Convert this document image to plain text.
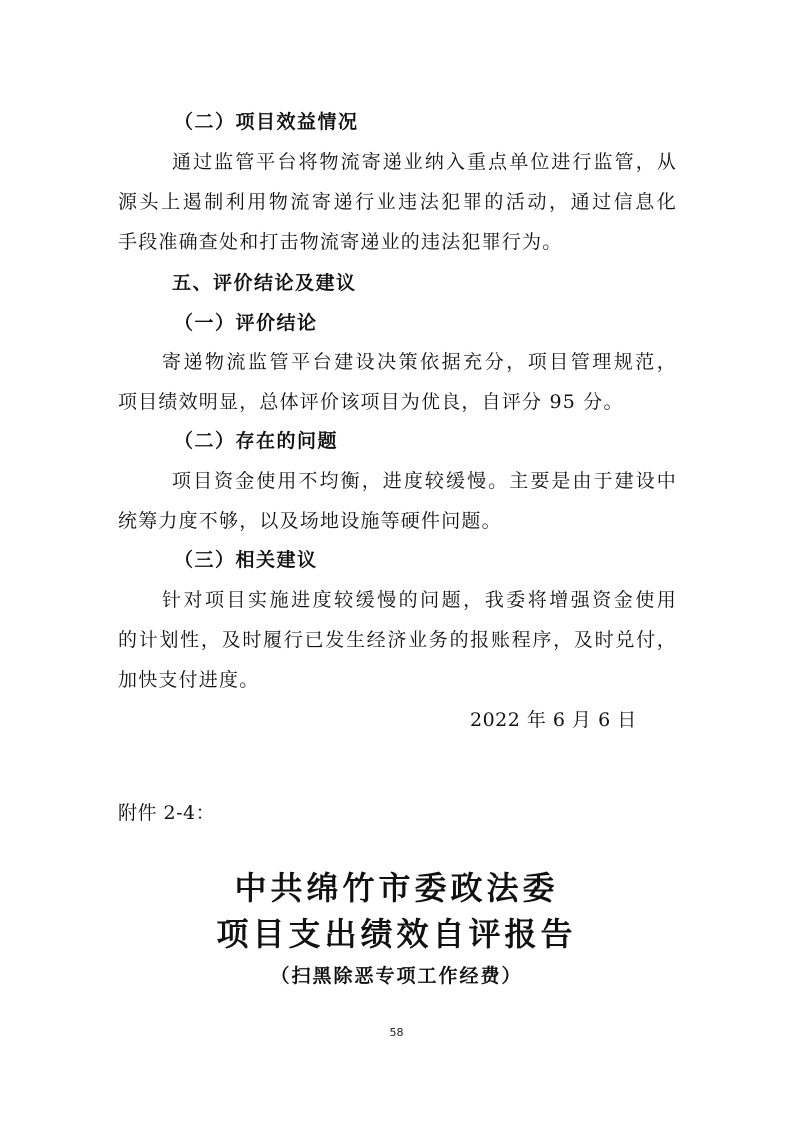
（二）项目效益情况
通过监管平台将物流寄递业纳入重点单位进行监管，从
源头上遏制利用物流寄递行业违法犯罪的活动，通过信息化
手段准确查处和打击物流寄递业的违法犯罪行为。
五、评价结论及建议
（一）评价结论
寄递物流监管平台建设决策依据充分，项目管理规范，
项目绩效明显，总体评价该项目为优良，自评分 95 分。
（二）存在的问题
项目资金使用不均衡，进度较缓慢。主要是由于建设中
统筹力度不够，以及场地设施等硬件问题。
（三）相关建议
针对项目实施进度较缓慢的问题，我委将增强资金使用
的计划性，及时履行已发生经济业务的报账程序，及时兑付，
加快支付进度。
2022 年 6 月 6 日
附件 2-4：
中共绵竹市委政法委
项目支出绩效自评报告
（扫黑除恶专项工作经费）
58
